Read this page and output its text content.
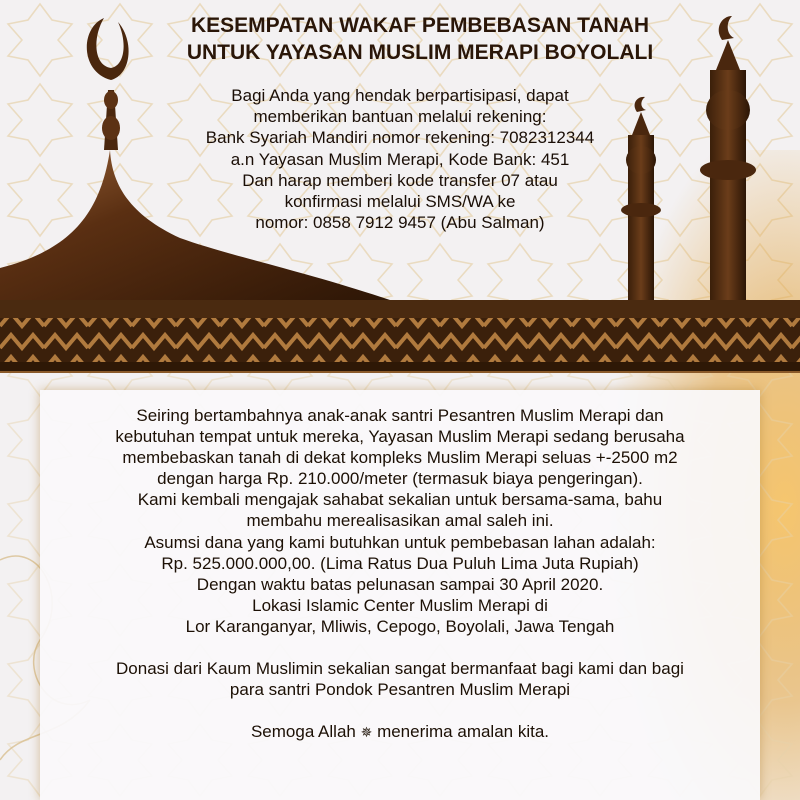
KESEMPATAN WAKAF PEMBEBASAN TANAH
UNTUK YAYASAN MUSLIM MERAPI BOYOLALI
Bagi Anda yang hendak berpartisipasi, dapat
memberikan bantuan melalui rekening:
Bank Syariah Mandiri nomor rekening: 7082312344
a.n Yayasan Muslim Merapi, Kode Bank: 451
Dan harap memberi kode transfer 07 atau
konfirmasi melalui SMS/WA ke
nomor: 0858 7912 9457 (Abu Salman)
Seiring bertambahnya anak-anak santri Pesantren Muslim Merapi dan
kebutuhan tempat untuk mereka, Yayasan Muslim Merapi sedang berusaha
membebaskan tanah di dekat kompleks Muslim Merapi seluas +-2500 m2
dengan harga Rp. 210.000/meter (termasuk biaya pengeringan).
Kami kembali mengajak sahabat sekalian untuk bersama-sama, bahu
membahu merealisasikan amal saleh ini.
Asumsi dana yang kami butuhkan untuk pembebasan lahan adalah:
Rp. 525.000.000,00. (Lima Ratus Dua Puluh Lima Juta Rupiah)
Dengan waktu batas pelunasan sampai 30 April 2020.
Lokasi Islamic Center Muslim Merapi di
Lor Karanganyar, Mliwis, Cepogo, Boyolali, Jawa Tengah
Donasi dari Kaum Muslimin sekalian sangat bermanfaat bagi kami dan bagi
para santri Pondok Pesantren Muslim Merapi
Semoga Allah ✵ menerima amalan kita.
